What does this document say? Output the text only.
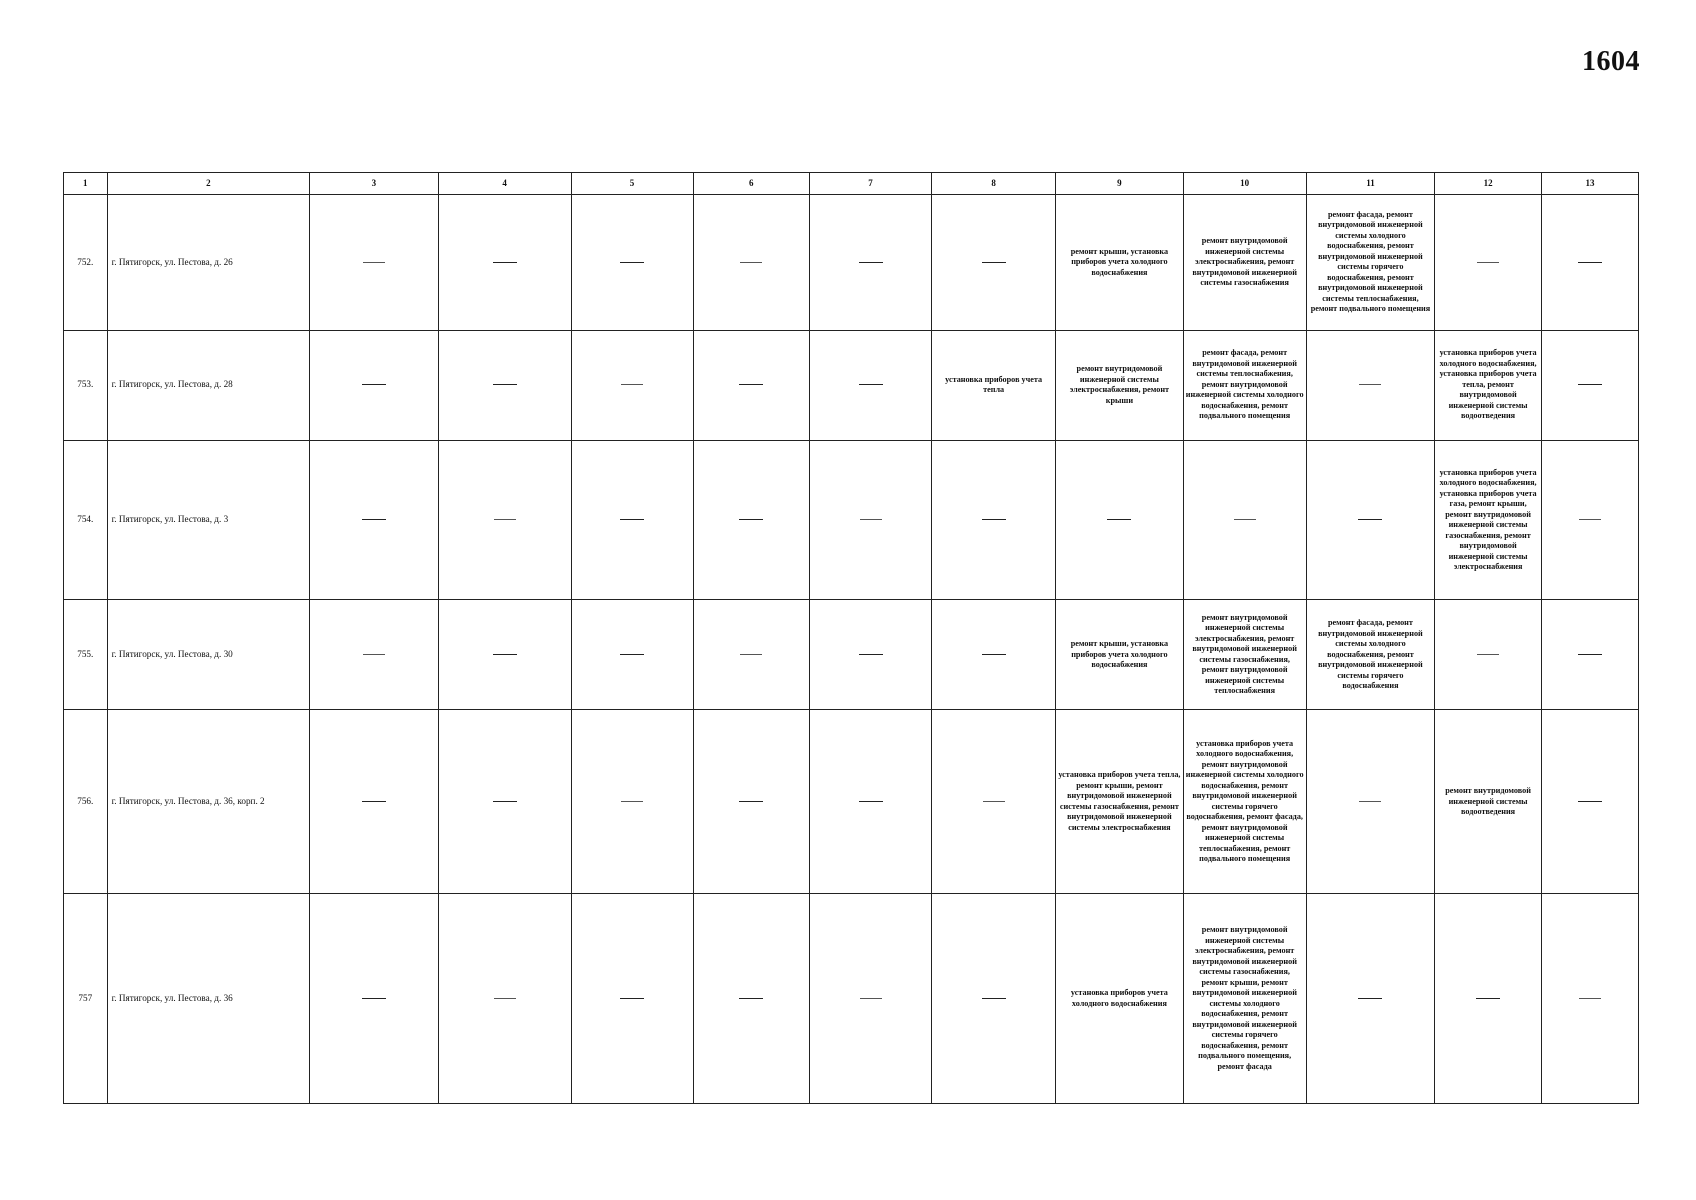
1604
1	2	3	4	5	6	7	8	9	10	11	12	13
752.	г. Пятигорск, ул. Пестова, д. 26							ремонт крыши, установка приборов учета холодного водоснабжения	ремонт внутридомовой инженерной системы электроснабжения, ремонт внутридомовой инженерной системы газоснабжения	ремонт фасада, ремонт внутридомовой инженерной системы холодного водоснабжения, ремонт внутридомовой инженерной системы горячего водоснабжения, ремонт внутридомовой инженерной системы теплоснабжения, ремонт подвального помещения		
753.	г. Пятигорск, ул. Пестова, д. 28						установка приборов учета тепла	ремонт внутридомовой инженерной системы электроснабжения, ремонт крыши	ремонт фасада, ремонт внутридомовой инженерной системы теплоснабжения, ремонт внутридомовой инженерной системы холодного водоснабжения, ремонт подвального помещения		установка приборов учета холодного водоснабжения, установка приборов учета тепла, ремонт внутридомовой инженерной системы водоотведения	
754.	г. Пятигорск, ул. Пестова, д. 3										установка приборов учета холодного водоснабжения, установка приборов учета газа, ремонт крыши, ремонт внутридомовой инженерной системы газоснабжения, ремонт внутридомовой инженерной системы электроснабжения	
755.	г. Пятигорск, ул. Пестова, д. 30							ремонт крыши, установка приборов учета холодного водоснабжения	ремонт внутридомовой инженерной системы электроснабжения, ремонт внутридомовой инженерной системы газоснабжения, ремонт внутридомовой инженерной системы теплоснабжения	ремонт фасада, ремонт внутридомовой инженерной системы холодного водоснабжения, ремонт внутридомовой инженерной системы горячего водоснабжения		
756.	г. Пятигорск, ул. Пестова, д. 36, корп. 2							установка приборов учета тепла, ремонт крыши, ремонт внутридомовой инженерной системы газоснабжения, ремонт внутридомовой инженерной системы электроснабжения	установка приборов учета холодного водоснабжения, ремонт внутридомовой инженерной системы холодного водоснабжения, ремонт внутридомовой инженерной системы горячего водоснабжения, ремонт фасада, ремонт внутридомовой инженерной системы теплоснабжения, ремонт подвального помещения		ремонт внутридомовой инженерной системы водоотведения	
757	г. Пятигорск, ул. Пестова, д. 36							установка приборов учета холодного водоснабжения	ремонт внутридомовой инженерной системы электроснабжения, ремонт внутридомовой инженерной системы газоснабжения, ремонт крыши, ремонт внутридомовой инженерной системы холодного водоснабжения, ремонт внутридомовой инженерной системы горячего водоснабжения, ремонт подвального помещения, ремонт фасада			
